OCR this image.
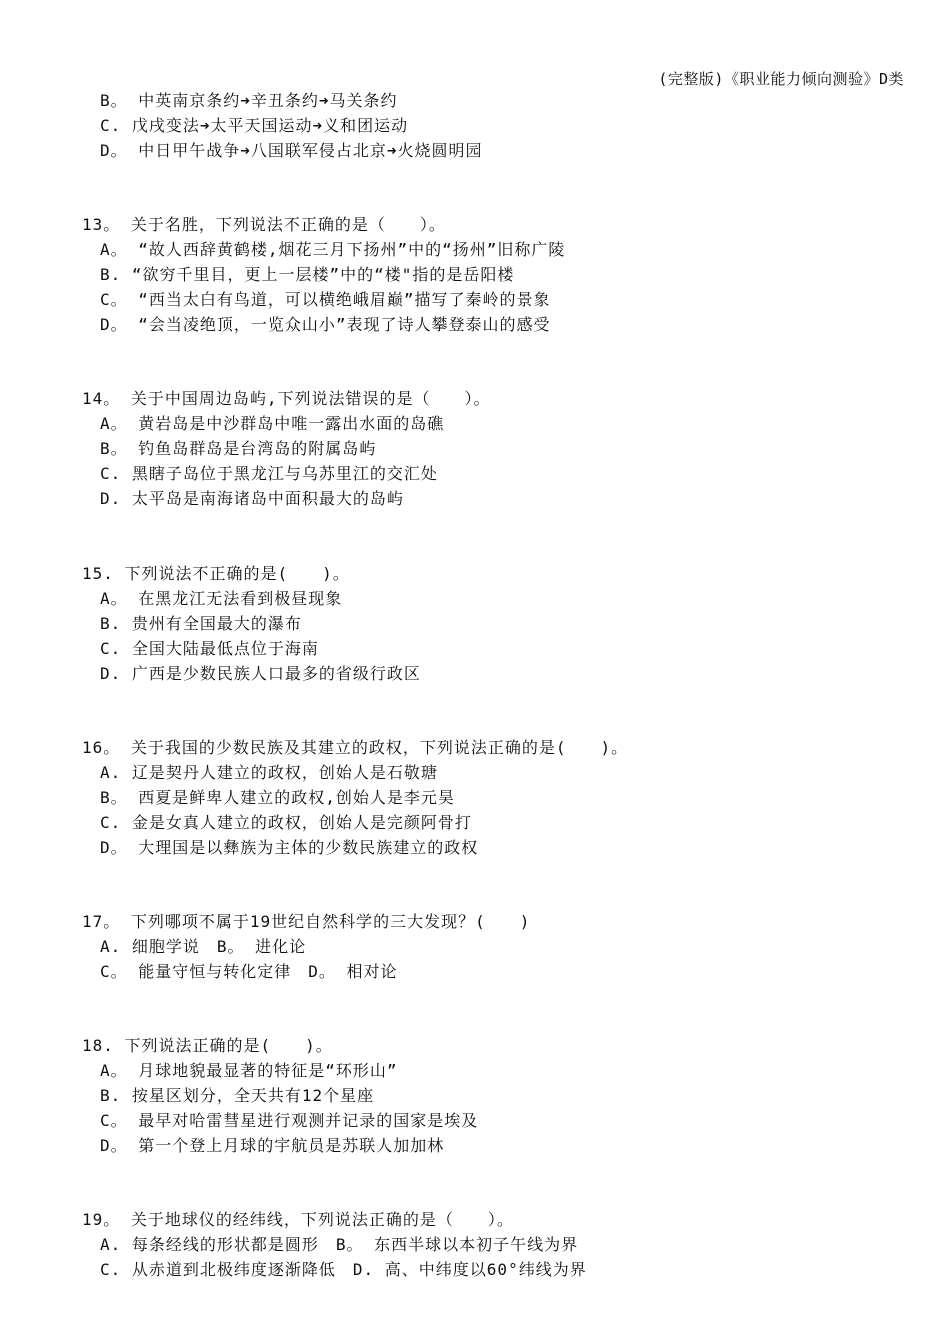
(完整版)《职业能力倾向测验》D类
B。 中英南京条约➜辛丑条约➜马关条约
C. 戊戌变法➜太平天国运动➜义和团运动
D。 中日甲午战争➜八国联军侵占北京➜火烧圆明园
13。 关于名胜，下列说法不正确的是（　　）。
A。 “故人西辞黄鹤楼,烟花三月下扬州”中的“扬州”旧称广陵
B. “欲穷千里目，更上一层楼”中的“楼"指的是岳阳楼
C。 “西当太白有鸟道，可以横绝峨眉巅”描写了秦岭的景象
D。 “会当凌绝顶，一览众山小”表现了诗人攀登泰山的感受
14。 关于中国周边岛屿,下列说法错误的是（　　）。
A。 黄岩岛是中沙群岛中唯一露出水面的岛礁
B。 钓鱼岛群岛是台湾岛的附属岛屿
C. 黑瞎子岛位于黑龙江与乌苏里江的交汇处
D. 太平岛是南海诸岛中面积最大的岛屿
15. 下列说法不正确的是(　　)。
A。 在黑龙江无法看到极昼现象
B. 贵州有全国最大的瀑布
C. 全国大陆最低点位于海南
D. 广西是少数民族人口最多的省级行政区
16。 关于我国的少数民族及其建立的政权，下列说法正确的是(　　)。
A. 辽是契丹人建立的政权，创始人是石敬瑭
B。 西夏是鲜卑人建立的政权,创始人是李元昊
C. 金是女真人建立的政权，创始人是完颜阿骨打
D。 大理国是以彝族为主体的少数民族建立的政权
17。 下列哪项不属于19世纪自然科学的三大发现？(　　)
A. 细胞学说　B。 进化论
C。 能量守恒与转化定律　D。 相对论
18. 下列说法正确的是(　　)。
A。 月球地貌最显著的特征是“环形山”
B. 按星区划分，全天共有12个星座
C。 最早对哈雷彗星进行观测并记录的国家是埃及
D。 第一个登上月球的宇航员是苏联人加加林
19。 关于地球仪的经纬线，下列说法正确的是（　　）。
A. 每条经线的形状都是圆形　B。 东西半球以本初子午线为界
C. 从赤道到北极纬度逐渐降低　D. 高、中纬度以60°纬线为界
